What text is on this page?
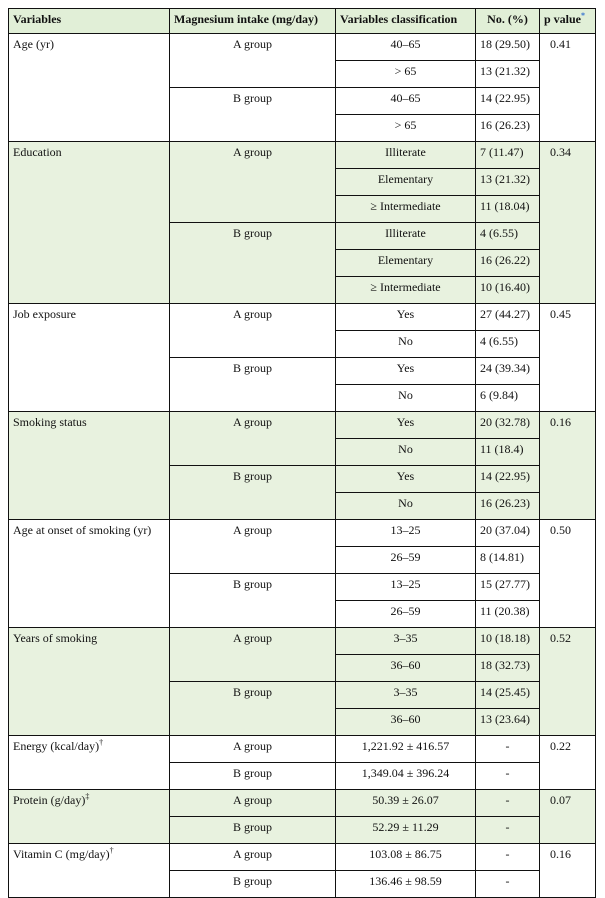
Variables	Magnesium intake (mg/day)	Variables classification	No. (%)	p value*
Age (yr)	A group	40–65	18 (29.50)	0.41
		> 65	13 (21.32)	
	B group	40–65	14 (22.95)	
		> 65	16 (26.23)	
Education	A group	Illiterate	7 (11.47)	0.34
		Elementary	13 (21.32)	
		≥ Intermediate	11 (18.04)	
	B group	Illiterate	4 (6.55)	
		Elementary	16 (26.22)	
		≥ Intermediate	10 (16.40)	
Job exposure	A group	Yes	27 (44.27)	0.45
		No	4 (6.55)	
	B group	Yes	24 (39.34)	
		No	6 (9.84)	
Smoking status	A group	Yes	20 (32.78)	0.16
		No	11 (18.4)	
	B group	Yes	14 (22.95)	
		No	16 (26.23)	
Age at onset of smoking (yr)	A group	13–25	20 (37.04)	0.50
		26–59	8 (14.81)	
	B group	13–25	15 (27.77)	
		26–59	11 (20.38)	
Years of smoking	A group	3–35	10 (18.18)	0.52
		36–60	18 (32.73)	
	B group	3–35	14 (25.45)	
		36–60	13 (23.64)	
Energy (kcal/day)†	A group	1,221.92 ± 416.57	-	0.22
	B group	1,349.04 ± 396.24	-	
Protein (g/day)‡	A group	50.39 ± 26.07	-	0.07
	B group	52.29 ± 11.29	-	
Vitamin C (mg/day)†	A group	103.08 ± 86.75	-	0.16
	B group	136.46 ± 98.59	-	
